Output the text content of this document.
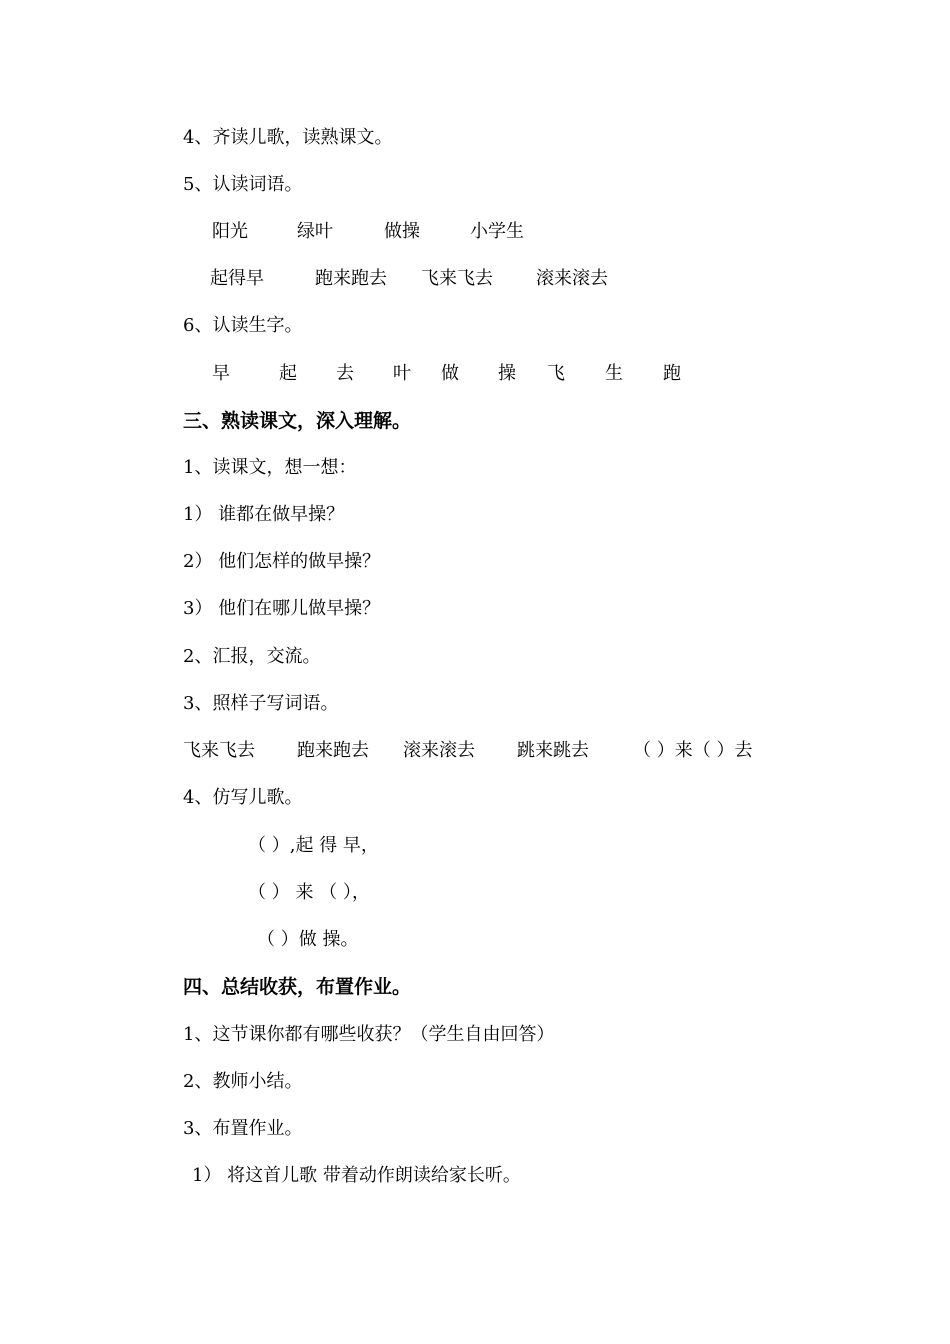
4、齐读儿歌，读熟课文。
5、认读词语。
阳光	绿叶	做操	小学生
起得早	跑来跑去 飞来飞去 滚来滚去
6、认读生字。
早	起 去 叶 做 操 飞 生 跑
三、熟读课文，深入理解。
1、读课文，想一想：
1） 谁都在做早操？
2） 他们怎样的做早操？
3） 他们在哪儿做早操？
2、汇报，交流。
3、照样子写词语。
飞来飞去 跑来跑去 滚来滚去 跳来跳去 （ ）来（ ）去
4、仿写儿歌。
（ ）,起 得 早，
（ ） 来 （ ），
（ ）做 操。
四、总结收获，布置作业。
1、这节课你都有哪些收获？（学生自由回答）
2、教师小结。
3、布置作业。
1） 将这首儿歌 带着动作朗读给家长听。
